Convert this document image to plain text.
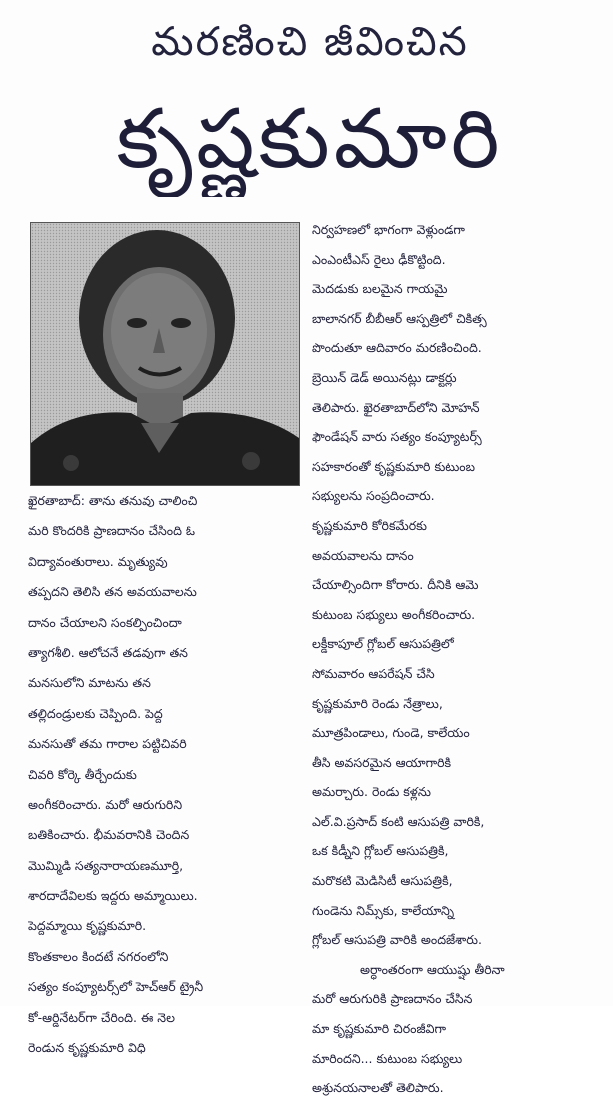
మరణించి జీవించిన
కృష్ణకుమారి
ఖైరతాబాద్: తాను తనువు చాలించి
మరి కొందరికి ప్రాణదానం చేసింది ఓ
విద్యావంతురాలు. మృత్యువు
తప్పదని తెలిసి తన అవయవాలను
దానం చేయాలని సంకల్పించిందా
త్యాగశీలి. ఆలోచనే తడవుగా తన
మనసులోని మాటను తన
తల్లిదండ్రులకు చెప్పింది. పెద్ద
మనసుతో తమ గారాల పట్టిచివరి
చివరి కోర్కె తీర్చేందుకు
అంగీకరించారు. మరో ఆరుగురిని
బతికించారు. భీమవరానికి చెందిన
మొమ్మిడి సత్యనారాయణమూర్తి,
శారదాదేవిలకు ఇద్దరు అమ్మాయిలు.
పెద్దమ్మాయి కృష్ణకుమారి.
కొంతకాలం కిందటే నగరంలోని
సత్యం కంప్యూటర్స్‌లో హెచ్‌ఆర్ ట్రైనీ
కో-ఆర్డినేటర్‌గా చేరింది. ఈ నెల
రెండున కృష్ణకుమారి విధి
నిర్వహణలో భాగంగా వెళ్లుండగా
ఎంఎంటీఎస్ రైలు ఢీకొట్టింది.
మెదడుకు బలమైన గాయమై
బాలానగర్ బీబీఆర్ ఆస్పత్రిలో చికిత్స
పొందుతూ ఆదివారం మరణించింది.
బ్రెయిన్ డెడ్ అయినట్లు డాక్టర్లు
తెలిపారు. ఖైరతాబాద్‌లోని మోహన్
ఫౌండేషన్ వారు సత్యం కంప్యూటర్స్
సహకారంతో కృష్ణకుమారి కుటుంబ
సభ్యులను సంప్రదించారు.
కృష్ణకుమారి కోరికమేరకు
అవయవాలను దానం
చేయాల్సిందిగా కోరారు. దీనికి ఆమె
కుటుంబ సభ్యులు అంగీకరించారు.
లక్డీకాపూల్ గ్లోబల్ ఆసుపత్రిలో
సోమవారం ఆపరేషన్ చేసి
కృష్ణకుమారి రెండు నేత్రాలు,
మూత్రపిండాలు, గుండె, కాలేయం
తీసి అవసరమైన ఆయాగారికి
అమర్చారు. రెండు కళ్లను
ఎల్.వి.ప్రసాద్ కంటి ఆసుపత్రి వారికి,
ఒక కిడ్నీని గ్లోబల్ ఆసుపత్రికి,
మరొకటి మెడిసిటీ ఆసుపత్రికి,
గుండెను నిమ్స్‌కు, కాలేయాన్ని
గ్లోబల్ ఆసుపత్రి వారికి అందజేశారు.
అర్ధాంతరంగా ఆయుష్షు తీరినా
మరో ఆరుగురికి ప్రాణదానం చేసిన
మా కృష్ణకుమారి చిరంజీవిగా
మారిందని... కుటుంబ సభ్యులు
అశ్రునయనాలతో తెలిపారు.
